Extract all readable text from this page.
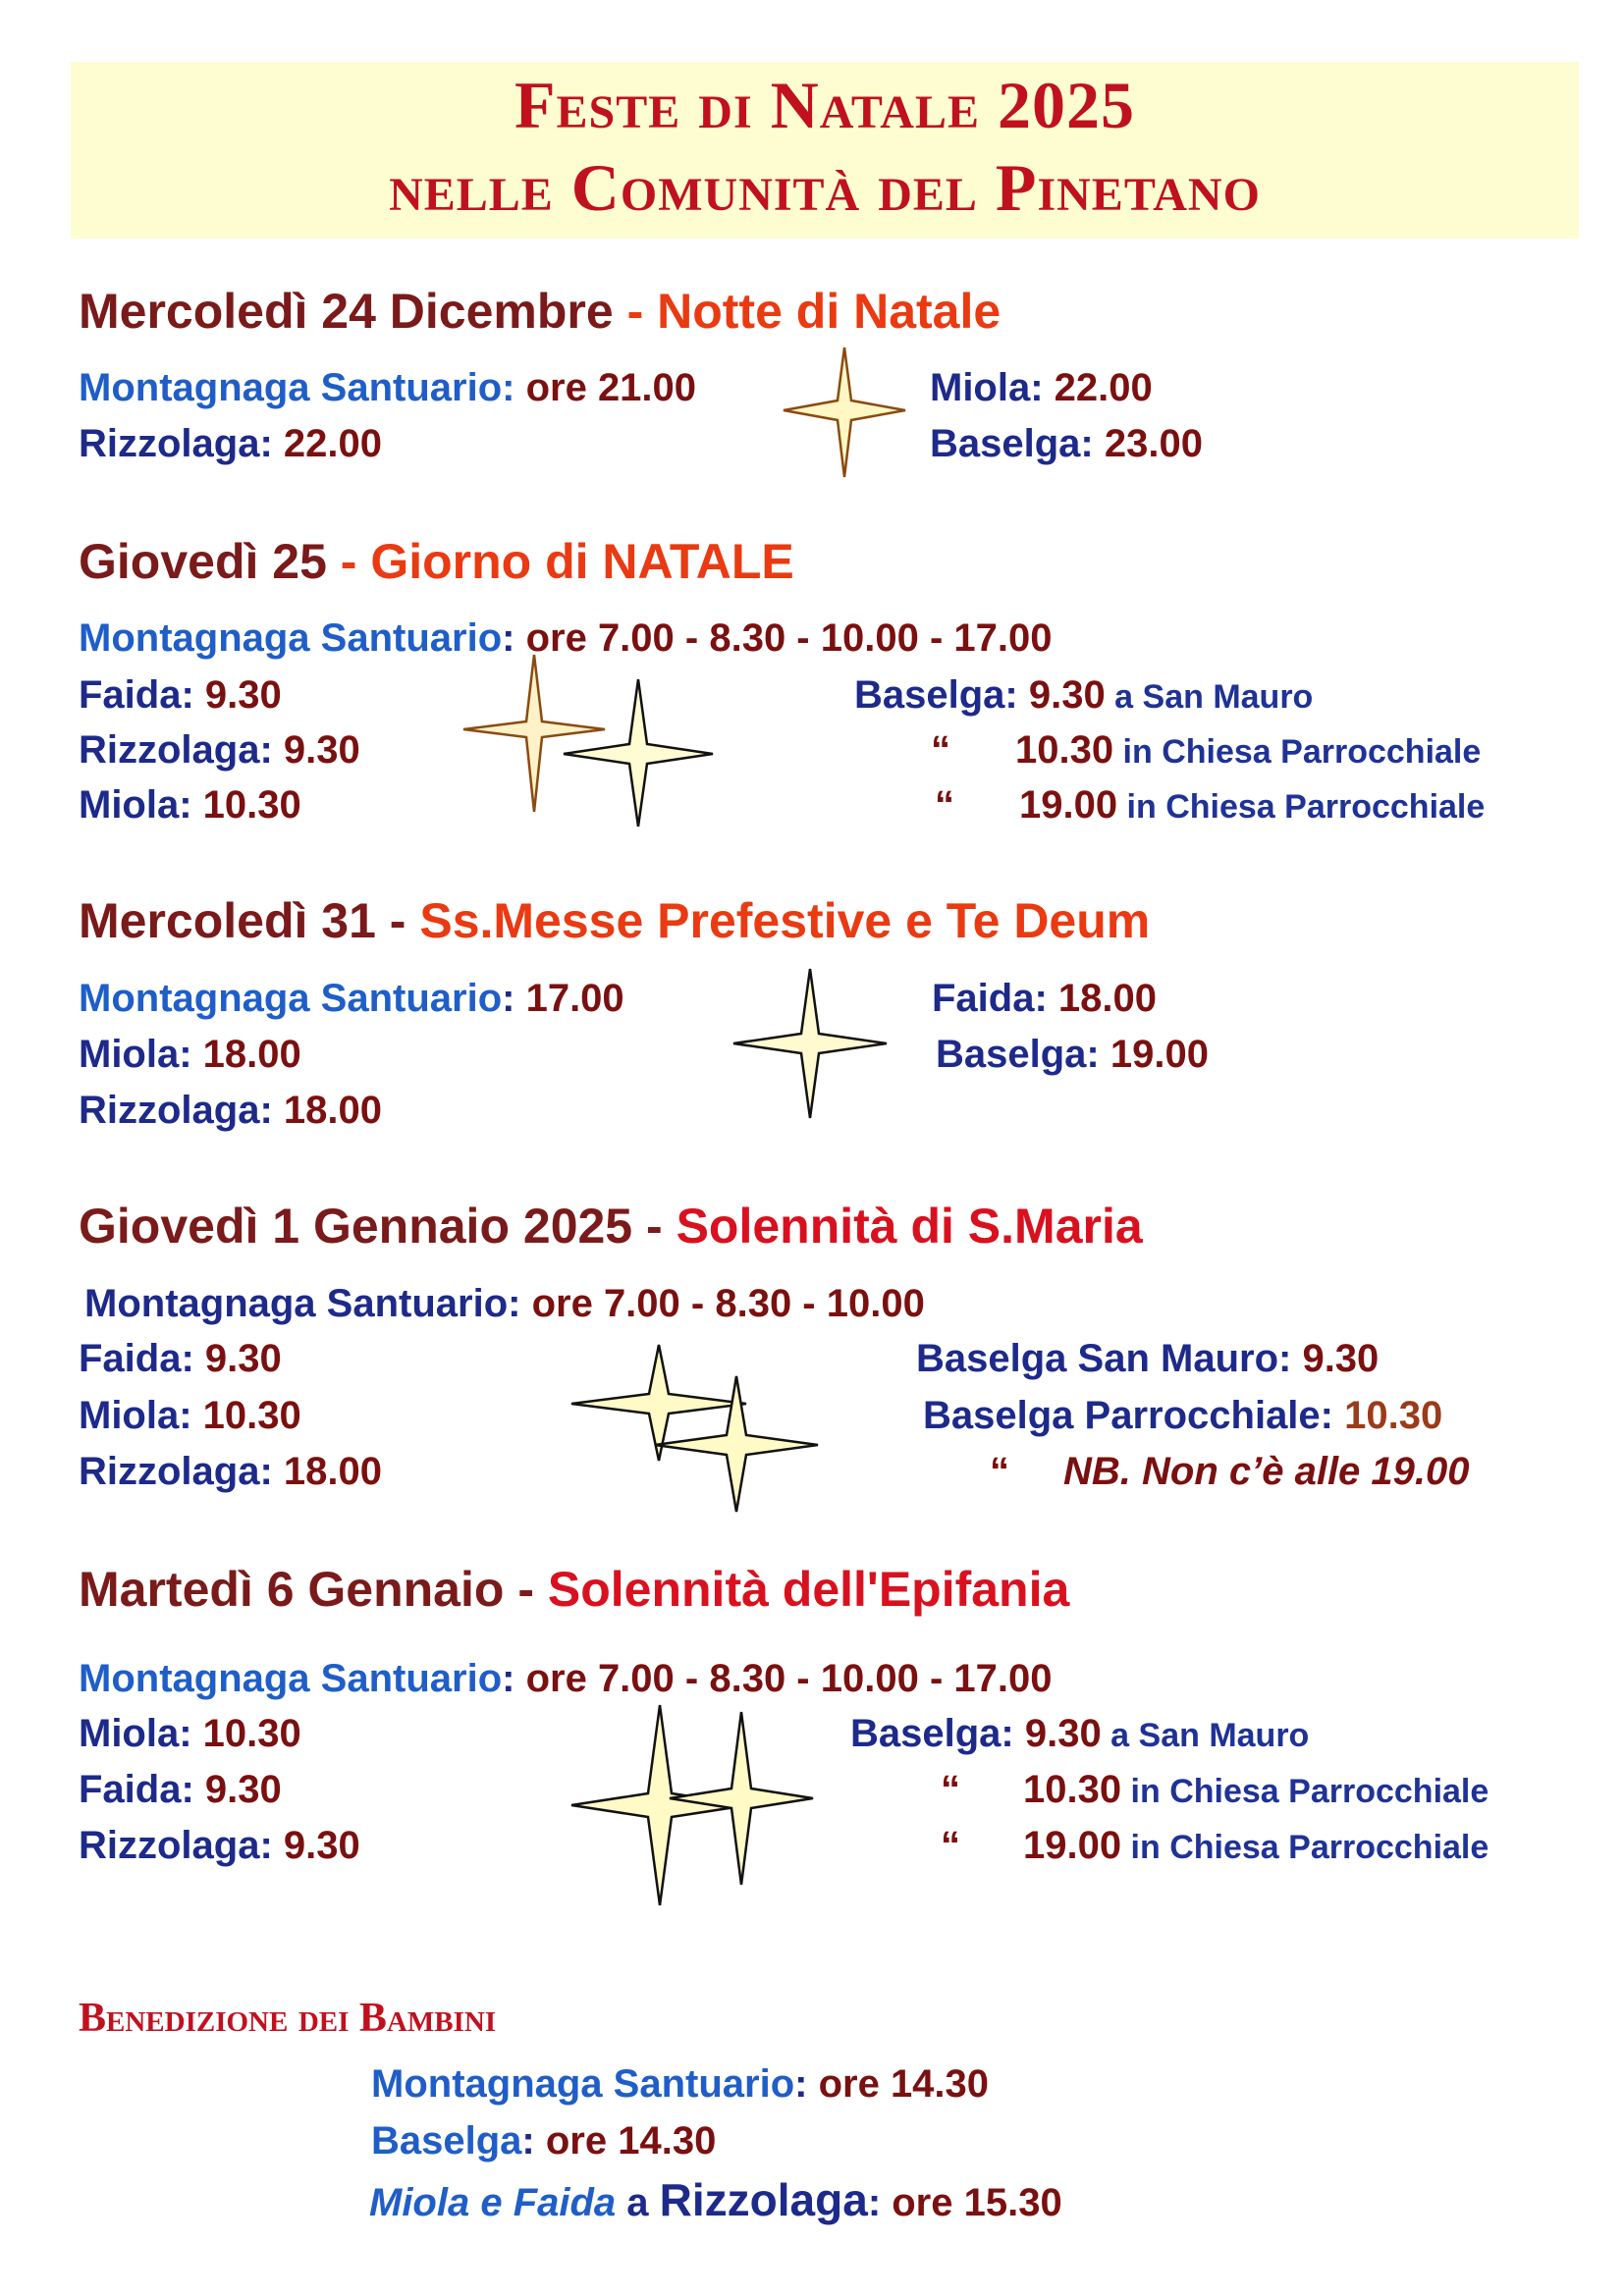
Feste di Natale 2025
nelle Comunità del Pinetano
Mercoledì 24 Dicembre - Notte di Natale
Montagnaga Santuario: ore 21.00	Miola: 22.00
Rizzolaga: 22.00	Baselga: 23.00
Giovedì 25 - Giorno di NATALE
Montagnaga Santuario: ore 7.00 - 8.30 - 10.00 - 17.00
Faida: 9.30
Rizzolaga: 9.30
Miola: 10.30
Baselga: 9.30 a San Mauro
“ 10.30 in Chiesa Parrocchiale
“ 19.00 in Chiesa Parrocchiale
Mercoledì 31 - Ss.Messe Prefestive e Te Deum
Montagnaga Santuario: 17.00
Miola: 18.00
Rizzolaga: 18.00
Faida: 18.00
Baselga: 19.00
Giovedì 1 Gennaio 2025 - Solennità di S.Maria
Montagnaga Santuario: ore 7.00 - 8.30 - 10.00
Faida: 9.30
Miola: 10.30
Rizzolaga: 18.00
Baselga San Mauro: 9.30
Baselga Parrocchiale: 10.30
“ NB. Non c’è alle 19.00
Martedì 6 Gennaio - Solennità dell'Epifania
Montagnaga Santuario: ore 7.00 - 8.30 - 10.00 - 17.00
Miola: 10.30
Faida: 9.30
Rizzolaga: 9.30
Baselga: 9.30 a San Mauro
“ 10.30 in Chiesa Parrocchiale
“ 19.00 in Chiesa Parrocchiale
Benedizione dei Bambini
Montagnaga Santuario: ore 14.30
Baselga: ore 14.30
Miola e Faida a Rizzolaga: ore 15.30
